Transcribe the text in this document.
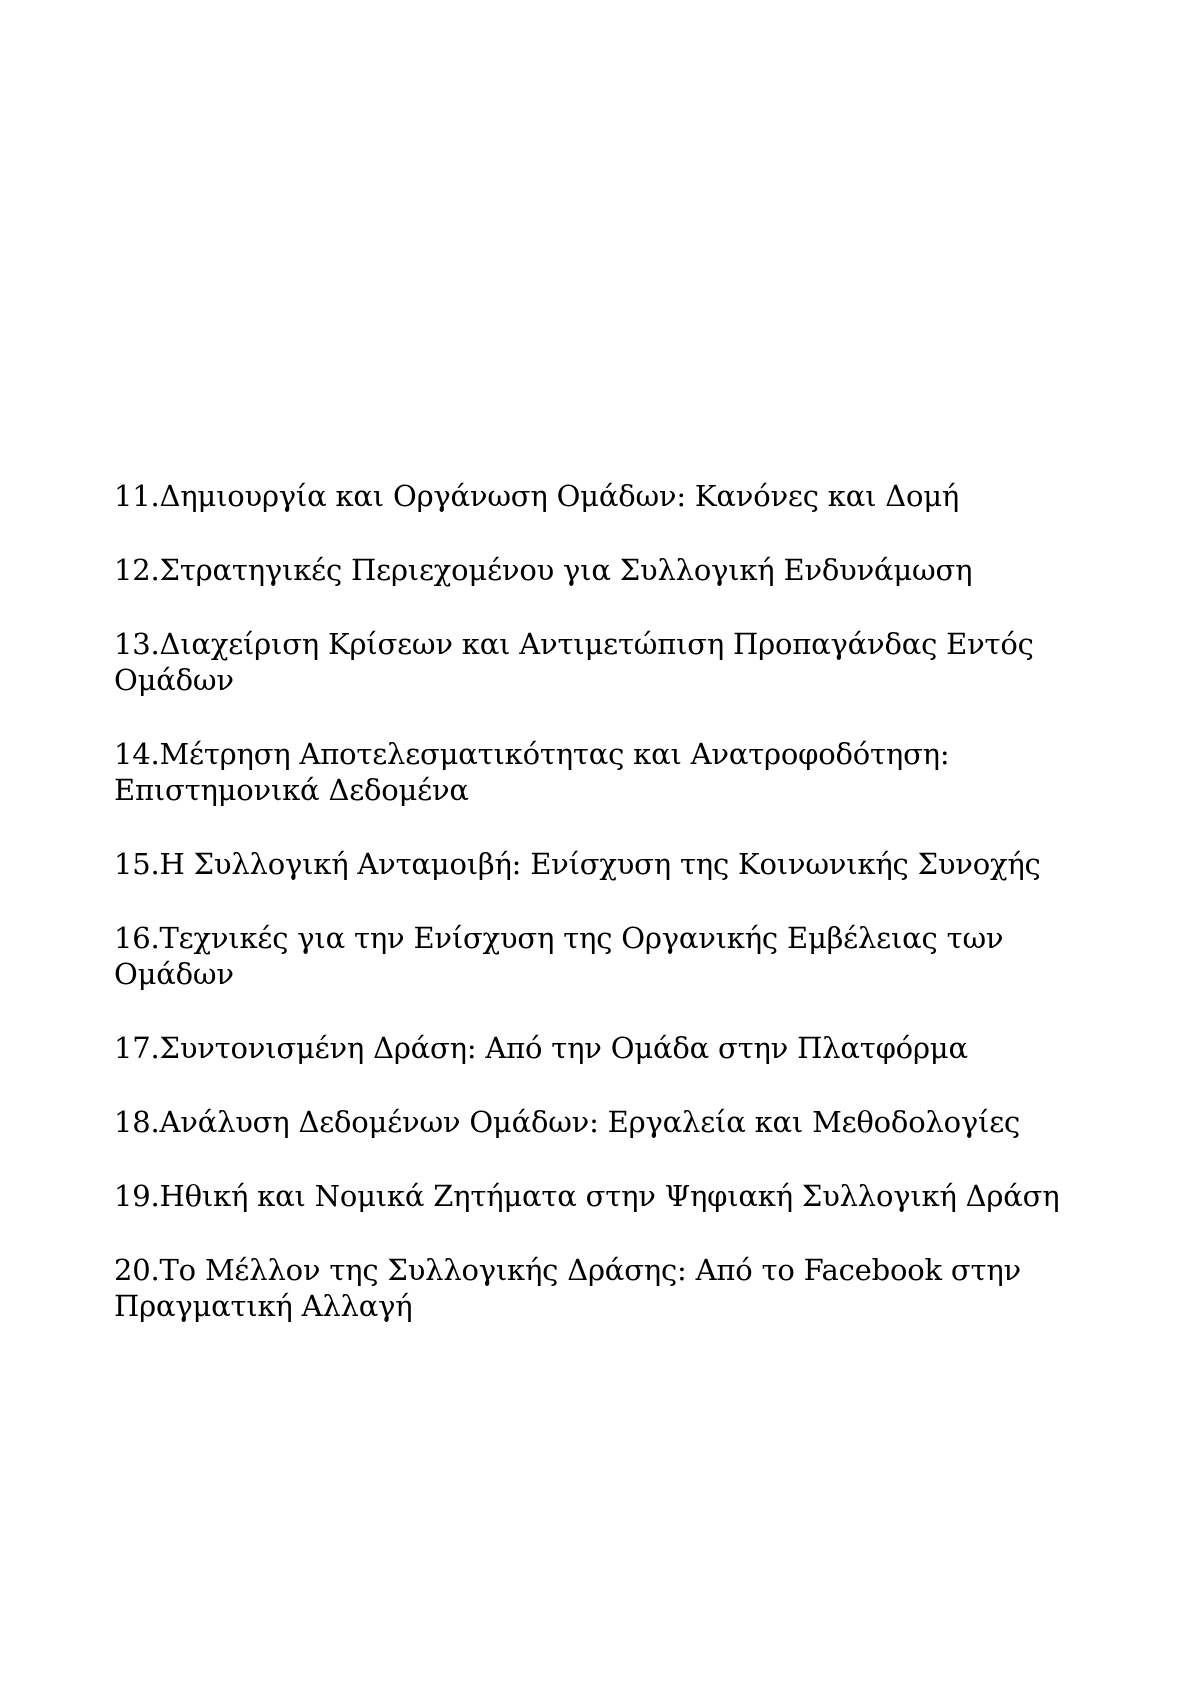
11.Δημιουργία και Οργάνωση Ομάδων: Κανόνες και Δομή

12.Στρατηγικές Περιεχομένου για Συλλογική Ενδυνάμωση

13.Διαχείριση Κρίσεων και Αντιμετώπιση Προπαγάνδας Εντός Ομάδων

14.Μέτρηση Αποτελεσματικότητας και Ανατροφοδότηση: Επιστημονικά Δεδομένα

15.Η Συλλογική Ανταμοιβή: Ενίσχυση της Κοινωνικής Συνοχής

16.Τεχνικές για την Ενίσχυση της Οργανικής Εμβέλειας των Ομάδων

17.Συντονισμένη Δράση: Από την Ομάδα στην Πλατφόρμα

18.Ανάλυση Δεδομένων Ομάδων: Εργαλεία και Μεθοδολογίες

19.Ηθική και Νομικά Ζητήματα στην Ψηφιακή Συλλογική Δράση

20.Το Μέλλον της Συλλογικής Δράσης: Από το Facebook στην Πραγματική Αλλαγή
